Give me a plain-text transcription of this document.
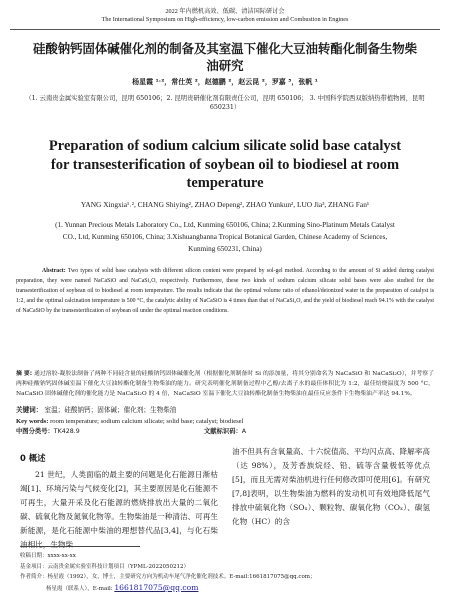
2022 年内燃机高效、低碳、清洁国际研讨会
The International Symposium on High-efficiency, low-carbon emission and Combustion in Engines
硅酸钠钙固体碱催化剂的制备及其室温下催化大豆油转酯化制备生物柴油研究
杨星霞 ¹˒²，常仕英 ²，赵德鹏 ²，赵云昆 ²，罗嘉 ³，张帆 ¹
（1. 云南贵金属实验室有限公司，昆明 650106；2. 昆明贵研催化剂有限责任公司，昆明 650106； 3. 中国科学院西双版纳热带植物园，昆明 650231）
Preparation of sodium calcium silicate solid base catalyst for transesterification of soybean oil to biodiesel at room temperature
YANG Xingxia¹˒², CHANG Shiying², ZHAO Depeng², ZHAO Yunkun², LUO Jia³, ZHANG Fan¹
(1. Yunnan Precious Metals Laboratory Co., Ltd, Kunming 650106, China; 2.Kunming Sino-Platinum Metals Catalyst CO., Ltd, Kunming 650106, China; 3.Xishuangbanna Tropical Botanical Garden, Chinese Academy of Sciences, Kunming 650231, China)
Abstract: Two types of solid base catalysts with different silicon content were prepared by sol-gel method. According to the amount of Si added during catalyst preparation, they were named NaCaSiO and NaCaSi₂O, respectively. Furthermore, these two kinds of sodium calcium silicate solid bases were also studied for the transesterification of soybean oil to biodiesel at room temperature. The results indicate that the optimal volume ratio of ethanol/deionized water in the preparation of catalyst is 1:2, and the optimal calcination temperature is 500 °C, the catalytic ability of NaCaSiO is 4 times than that of NaCaSi₂O, and the yield of biodiesel reach 94.1% with the catalyst of NaCaSiO by the transesterification of soybean oil under the optimal reaction conditions.
摘 要: 通过溶胶-凝胶法制备了两种不同硅含量的硅酸钠钙固体碱催化剂（根据催化剂制备时 Si 的添加量，将其分别命名为 NaCaSiO 和 NaCaSi₂O），并考察了两种硅酸钠钙固体碱室温下催化大豆油转酯化制备生物柴油的能力。研究表明催化剂制备过程中乙醇/去离子水的最佳体积比为 1:2，最佳焙烧温度为 500 °C，NaCaSiO 固体碱催化剂的催化能力是 NaCaSi₂O 的 4 倍，NaCaSiO 室温下催化大豆油转酯化制备生物柴油在最佳反应条件下生物柴油产率达 94.1%。
关键词： 室温；硅酸钠钙；固体碱；催化剂；生物柴油
Key words: room temperature; sodium calcium silicate; solid base; catalyst; biodiesel
中图分类号：TK428.9	文献标识码：A
0 概述
21 世纪，人类面临的最主要的问题是化石能源日渐枯竭[1]、环境污染与气候变化[2]，其主要原因是化石能源不可再生，大量开采及化石能源的燃烧排放出大量的二氧化碳、硫氧化物及氮氧化物等。生物柴油是一种清洁、可再生新能源，是化石能源中柴油的理想替代品[3,4]，与化石柴油相比，生物柴
油不但具有含氧量高、十六烷值高、平均闪点高、降解率高（达 98%），及芳香族烷烃、铅、硫等含量极低等优点[5]，而且无需对柴油机进行任何修改即可使用[6]。有研究[7,8]表明，以生物柴油为燃料的发动机可有效地降低尾气排放中硫氧化物（SOₓ）、颗粒物、碳氧化物（COₓ）、碳氢化物（HC）的含
收稿日期：xxxx-xx-xx
基金项目：云南贵金属实验室科技计划项目（YPML-2022050212）
作者简介：杨星霞（1992），女，博士，主要研究方向为机动车尾气净化催化剂技术。E-mail:1661817075@qq.com；
杨星霞（联系人），E-mail: 1661817075@qq.com
